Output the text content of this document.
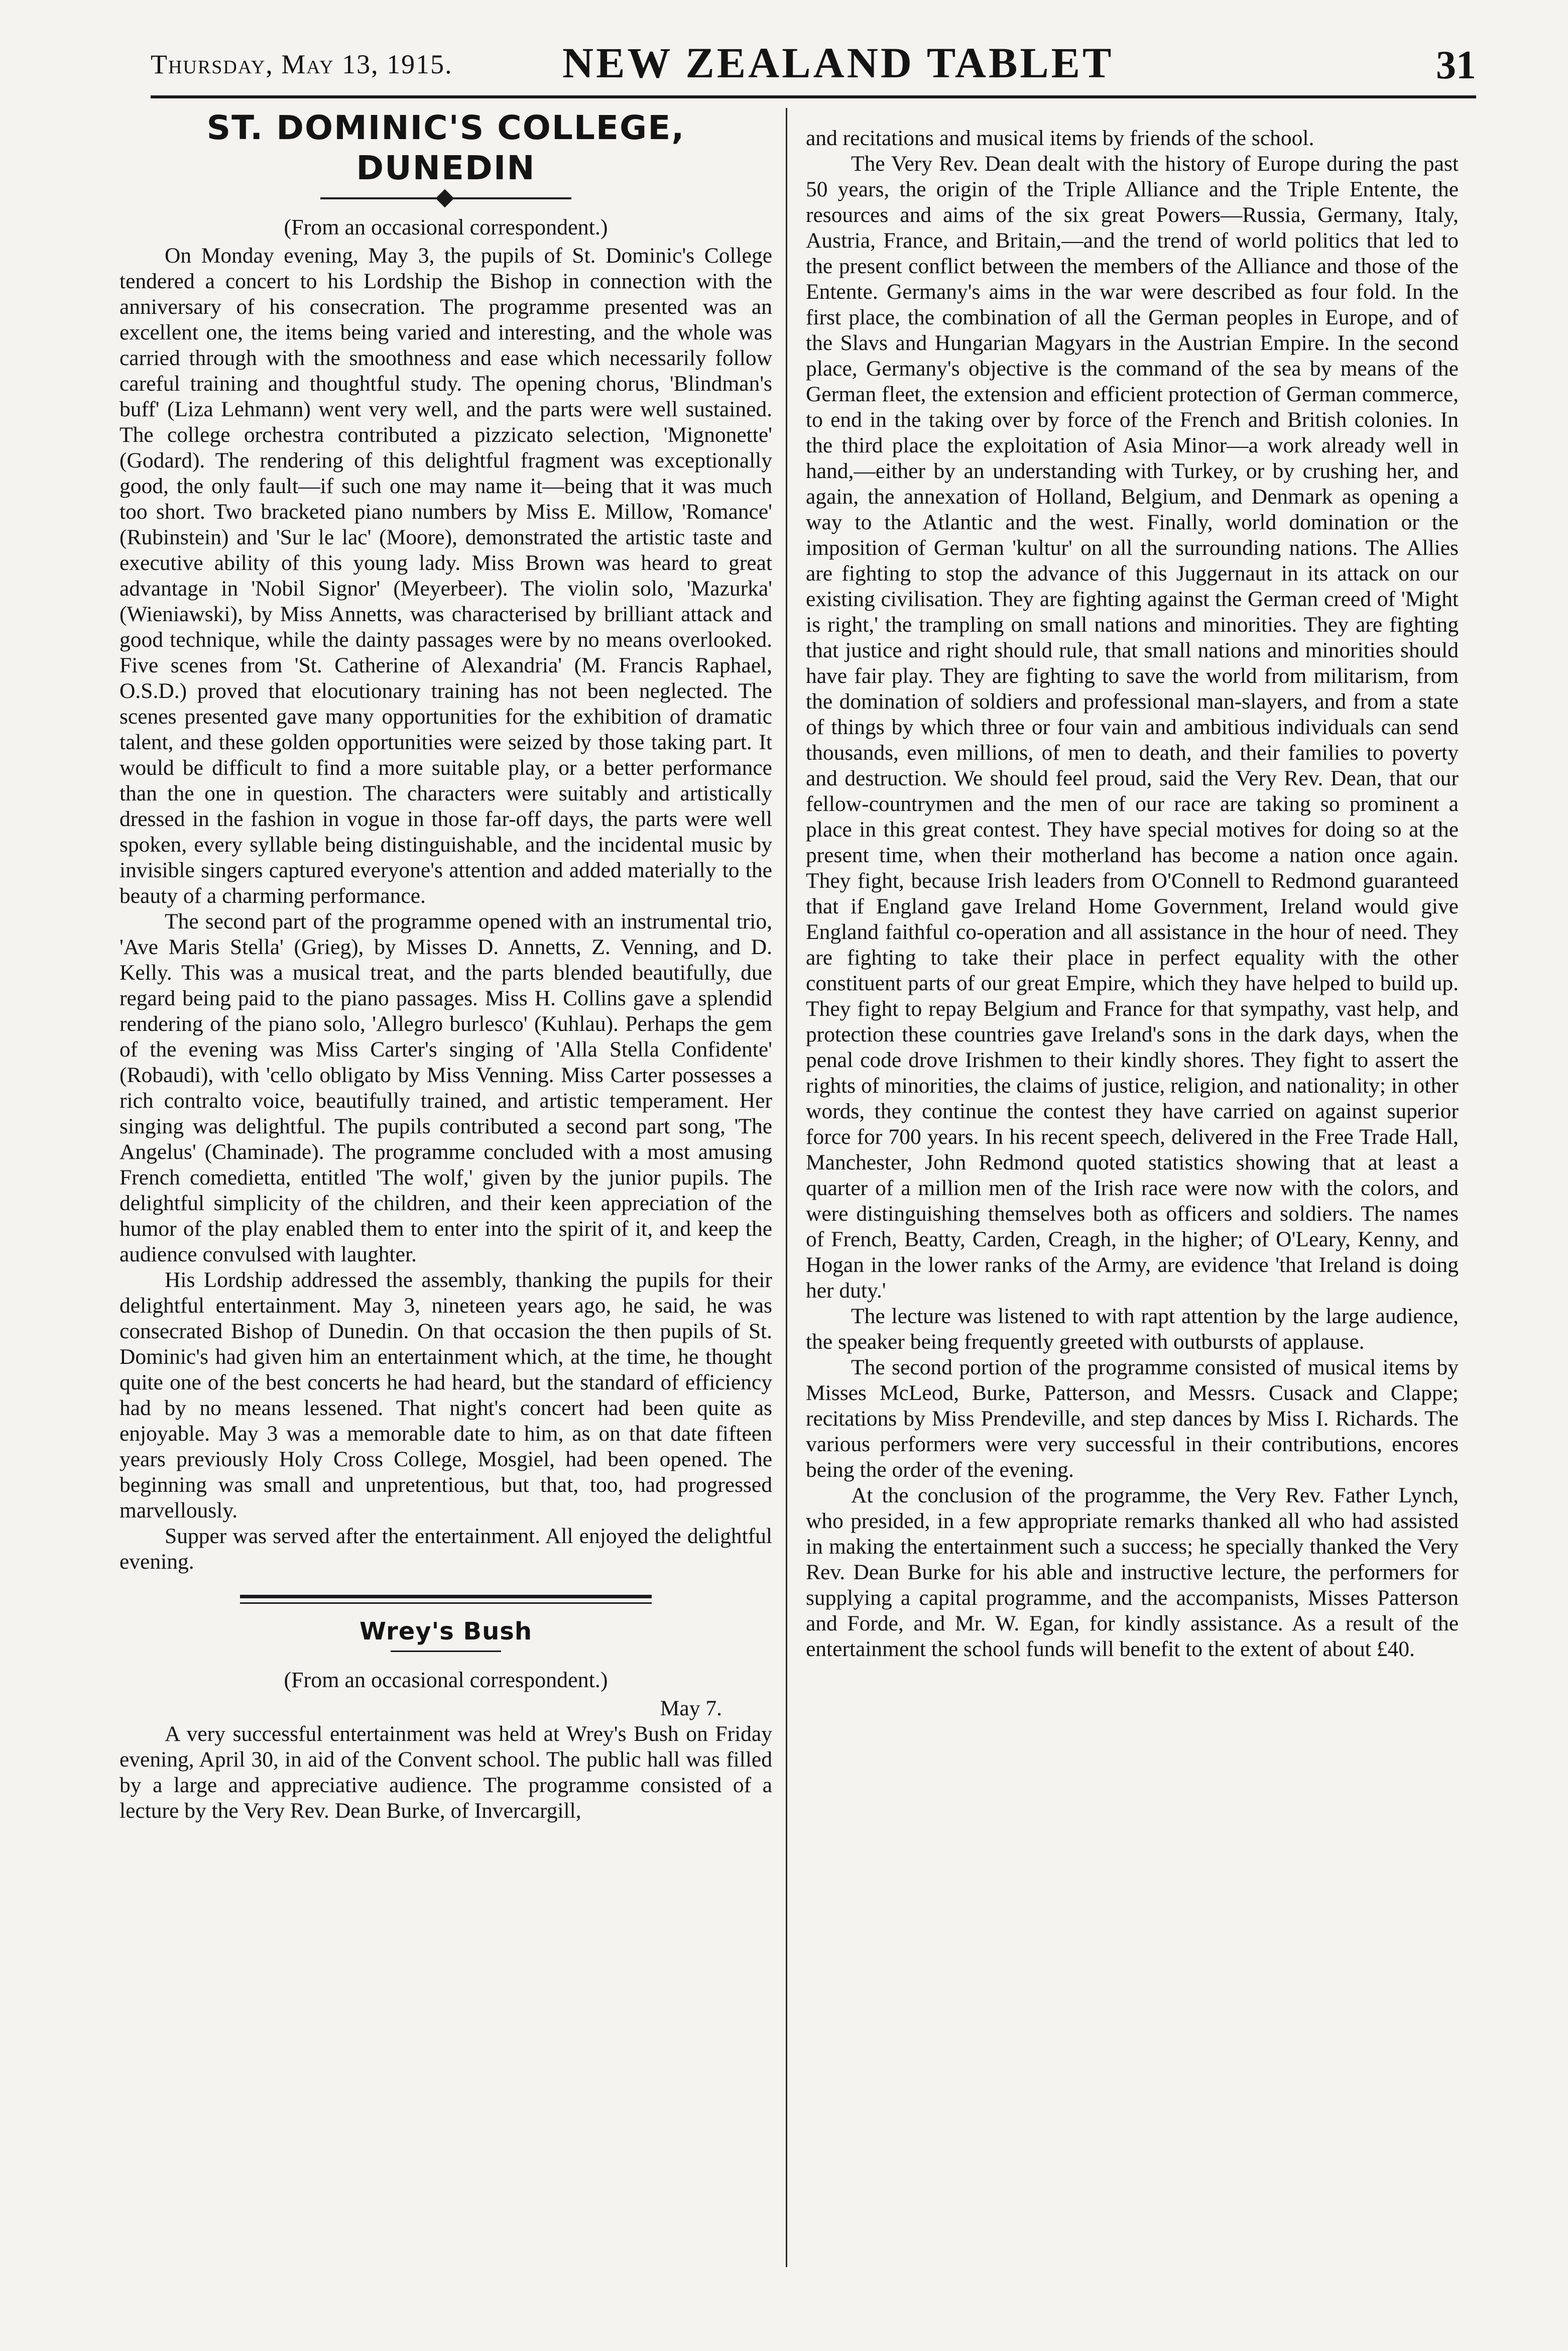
Thursday, May 13, 1915.	NEW ZEALAND TABLET	31
ST. DOMINIC'S COLLEGE, DUNEDIN
(From an occasional correspondent.)

On Monday evening, May 3, the pupils of St. Dominic's College tendered a concert to his Lordship the Bishop in connection with the anniversary of his consecration. The programme presented was an excellent one, the items being varied and interesting, and the whole was carried through with the smoothness and ease which necessarily follow careful training and thoughtful study. The opening chorus, 'Blindman's buff' (Liza Lehmann) went very well, and the parts were well sustained. The college orchestra contributed a pizzicato selection, 'Mignonette' (Godard). The rendering of this delightful fragment was exceptionally good, the only fault—if such one may name it—being that it was much too short. Two bracketed piano numbers by Miss E. Millow, 'Romance' (Rubinstein) and 'Sur le lac' (Moore), demonstrated the artistic taste and executive ability of this young lady. Miss Brown was heard to great advantage in 'Nobil Signor' (Meyerbeer). The violin solo, 'Mazurka' (Wieniawski), by Miss Annetts, was characterised by brilliant attack and good technique, while the dainty passages were by no means overlooked. Five scenes from 'St. Catherine of Alexandria' (M. Francis Raphael, O.S.D.) proved that elocutionary training has not been neglected. The scenes presented gave many opportunities for the exhibition of dramatic talent, and these golden opportunities were seized by those taking part. It would be difficult to find a more suitable play, or a better performance than the one in question. The characters were suitably and artistically dressed in the fashion in vogue in those far-off days, the parts were well spoken, every syllable being distinguishable, and the incidental music by invisible singers captured everyone's attention and added materially to the beauty of a charming performance.

The second part of the programme opened with an instrumental trio, 'Ave Maris Stella' (Grieg), by Misses D. Annetts, Z. Venning, and D. Kelly. This was a musical treat, and the parts blended beautifully, due regard being paid to the piano passages. Miss H. Collins gave a splendid rendering of the piano solo, 'Allegro burlesco' (Kuhlau). Perhaps the gem of the evening was Miss Carter's singing of 'Alla Stella Confidente' (Robaudi), with 'cello obligato by Miss Venning. Miss Carter possesses a rich contralto voice, beautifully trained, and artistic temperament. Her singing was delightful. The pupils contributed a second part song, 'The Angelus' (Chaminade). The programme concluded with a most amusing French comedietta, entitled 'The wolf,' given by the junior pupils. The delightful simplicity of the children, and their keen appreciation of the humor of the play enabled them to enter into the spirit of it, and keep the audience convulsed with laughter.

His Lordship addressed the assembly, thanking the pupils for their delightful entertainment. May 3, nineteen years ago, he said, he was consecrated Bishop of Dunedin. On that occasion the then pupils of St. Dominic's had given him an entertainment which, at the time, he thought quite one of the best concerts he had heard, but the standard of efficiency had by no means lessened. That night's concert had been quite as enjoyable. May 3 was a memorable date to him, as on that date fifteen years previously Holy Cross College, Mosgiel, had been opened. The beginning was small and unpretentious, but that, too, had progressed marvellously.

Supper was served after the entertainment. All enjoyed the delightful evening.

Wrey's Bush
(From an occasional correspondent.)
May 7.

A very successful entertainment was held at Wrey's Bush on Friday evening, April 30, in aid of the Convent school. The public hall was filled by a large and appreciative audience. The programme consisted of a lecture by the Very Rev. Dean Burke, of Invercargill,

and recitations and musical items by friends of the school.

The Very Rev. Dean dealt with the history of Europe during the past 50 years, the origin of the Triple Alliance and the Triple Entente, the resources and aims of the six great Powers—Russia, Germany, Italy, Austria, France, and Britain,—and the trend of world politics that led to the present conflict between the members of the Alliance and those of the Entente. Germany's aims in the war were described as four fold. In the first place, the combination of all the German peoples in Europe, and of the Slavs and Hungarian Magyars in the Austrian Empire. In the second place, Germany's objective is the command of the sea by means of the German fleet, the extension and efficient protection of German commerce, to end in the taking over by force of the French and British colonies. In the third place the exploitation of Asia Minor—a work already well in hand,—either by an understanding with Turkey, or by crushing her, and again, the annexation of Holland, Belgium, and Denmark as opening a way to the Atlantic and the west. Finally, world domination or the imposition of German 'kultur' on all the surrounding nations. The Allies are fighting to stop the advance of this Juggernaut in its attack on our existing civilisation. They are fighting against the German creed of 'Might is right,' the trampling on small nations and minorities. They are fighting that justice and right should rule, that small nations and minorities should have fair play. They are fighting to save the world from militarism, from the domination of soldiers and professional man-slayers, and from a state of things by which three or four vain and ambitious individuals can send thousands, even millions, of men to death, and their families to poverty and destruction. We should feel proud, said the Very Rev. Dean, that our fellow-countrymen and the men of our race are taking so prominent a place in this great contest. They have special motives for doing so at the present time, when their motherland has become a nation once again. They fight, because Irish leaders from O'Connell to Redmond guaranteed that if England gave Ireland Home Government, Ireland would give England faithful co-operation and all assistance in the hour of need. They are fighting to take their place in perfect equality with the other constituent parts of our great Empire, which they have helped to build up. They fight to repay Belgium and France for that sympathy, vast help, and protection these countries gave Ireland's sons in the dark days, when the penal code drove Irishmen to their kindly shores. They fight to assert the rights of minorities, the claims of justice, religion, and nationality; in other words, they continue the contest they have carried on against superior force for 700 years. In his recent speech, delivered in the Free Trade Hall, Manchester, John Redmond quoted statistics showing that at least a quarter of a million men of the Irish race were now with the colors, and were distinguishing themselves both as officers and soldiers. The names of French, Beatty, Carden, Creagh, in the higher; of O'Leary, Kenny, and Hogan in the lower ranks of the Army, are evidence 'that Ireland is doing her duty.'

The lecture was listened to with rapt attention by the large audience, the speaker being frequently greeted with outbursts of applause.

The second portion of the programme consisted of musical items by Misses McLeod, Burke, Patterson, and Messrs. Cusack and Clappe; recitations by Miss Prendeville, and step dances by Miss I. Richards. The various performers were very successful in their contributions, encores being the order of the evening.

At the conclusion of the programme, the Very Rev. Father Lynch, who presided, in a few appropriate remarks thanked all who had assisted in making the entertainment such a success; he specially thanked the Very Rev. Dean Burke for his able and instructive lecture, the performers for supplying a capital programme, and the accompanists, Misses Patterson and Forde, and Mr. W. Egan, for kindly assistance. As a result of the entertainment the school funds will benefit to the extent of about £40.
